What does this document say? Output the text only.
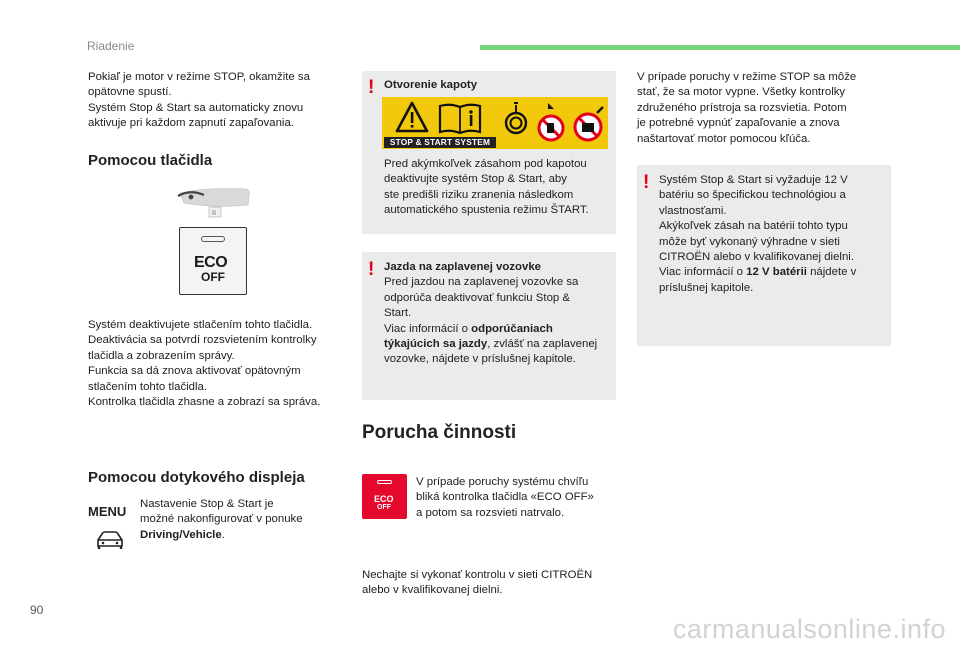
Riadenie
90
carmanualsonline.info
Pokiaľ je motor v režime STOP, okamžite sa
opätovne spustí.
Systém Stop & Start sa automaticky znovu
aktivuje pri každom zapnutí zapaľovania.
Pomocou tlačidla
ECO
OFF
Systém deaktivujete stlačením tohto tlačidla.
Deaktivácia sa potvrdí rozsvietením kontrolky
tlačidla a zobrazením správy.
Funkcia sa dá znova aktivovať opätovným
stlačením tohto tlačidla.
Kontrolka tlačidla zhasne a zobrazí sa správa.
Pomocou dotykového displeja
MENU Nastavenie Stop & Start je
možné nakonfigurovať v ponuke
Driving/Vehicle.
! Otvorenie kapoty
STOP & START SYSTEM
Pred akýmkoľvek zásahom pod kapotou
deaktivujte systém Stop & Start, aby
ste predišli riziku zranenia následkom
automatického spustenia režimu ŠTART.
! Jazda na zaplavenej vozovke
Pred jazdou na zaplavenej vozovke sa
odporúča deaktivovať funkciu Stop &
Start.
Viac informácií o odporúčaniach
týkajúcich sa jazdy, zvlášť na zaplavenej
vozovke, nájdete v príslušnej kapitole.
Porucha činnosti
ECO
OFF
V prípade poruchy systému chvíľu
bliká kontrolka tlačidla «ECO OFF»
a potom sa rozsvieti natrvalo.
Nechajte si vykonať kontrolu v sieti CITROËN
alebo v kvalifikovanej dielni.
V prípade poruchy v režime STOP sa môže
stať, že sa motor vypne. Všetky kontrolky
združeného prístroja sa rozsvietia. Potom
je potrebné vypnúť zapaľovanie a znova
naštartovať motor pomocou kľúča.
! Systém Stop & Start si vyžaduje 12 V
batériu so špecifickou technológiou a
vlastnosťami.
Akýkoľvek zásah na batérii tohto typu
môže byť vykonaný výhradne v sieti
CITROËN alebo v kvalifikovanej dielni.
Viac informácií o 12 V batérii nájdete v
príslušnej kapitole.
